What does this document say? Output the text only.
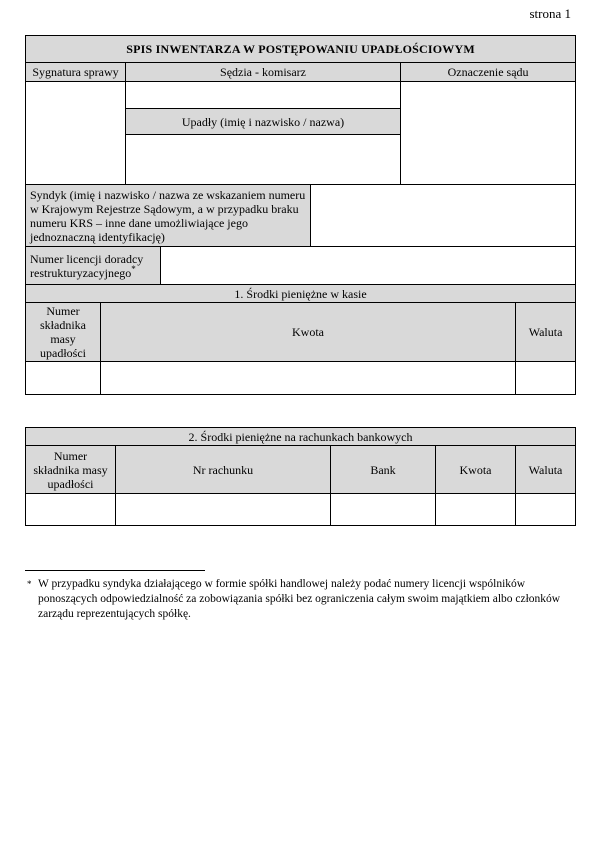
strona 1
SPIS INWENTARZA W POSTĘPOWANIU UPADŁOŚCIOWYM						
Sygnatura sprawy		Sędzia - komisarz			Oznaczenie sądu	

		Upadły (imię i nazwisko / nazwa)				

Syndyk (imię i nazwisko / nazwa ze wskazaniem numeru w Krajowym Rejestrze Sądowym, a w przypadku braku numeru KRS – inne dane umożliwiające jego jednoznaczną identyfikację)						
Numer licencji doradcy restrukturyzacyjnego*	
1. Środki pieniężne w kasie						
Numer składnika masy upadłości	Kwota					Waluta

2. Środki pieniężne na rachunkach bankowych				
Numer składnika masy upadłości	Nr rachunku	Bank	Kwota	Waluta

* W przypadku syndyka działającego w formie spółki handlowej należy podać numery licencji wspólników ponoszących odpowiedzialność za zobowiązania spółki bez ograniczenia całym swoim majątkiem albo członków zarządu reprezentujących spółkę.
